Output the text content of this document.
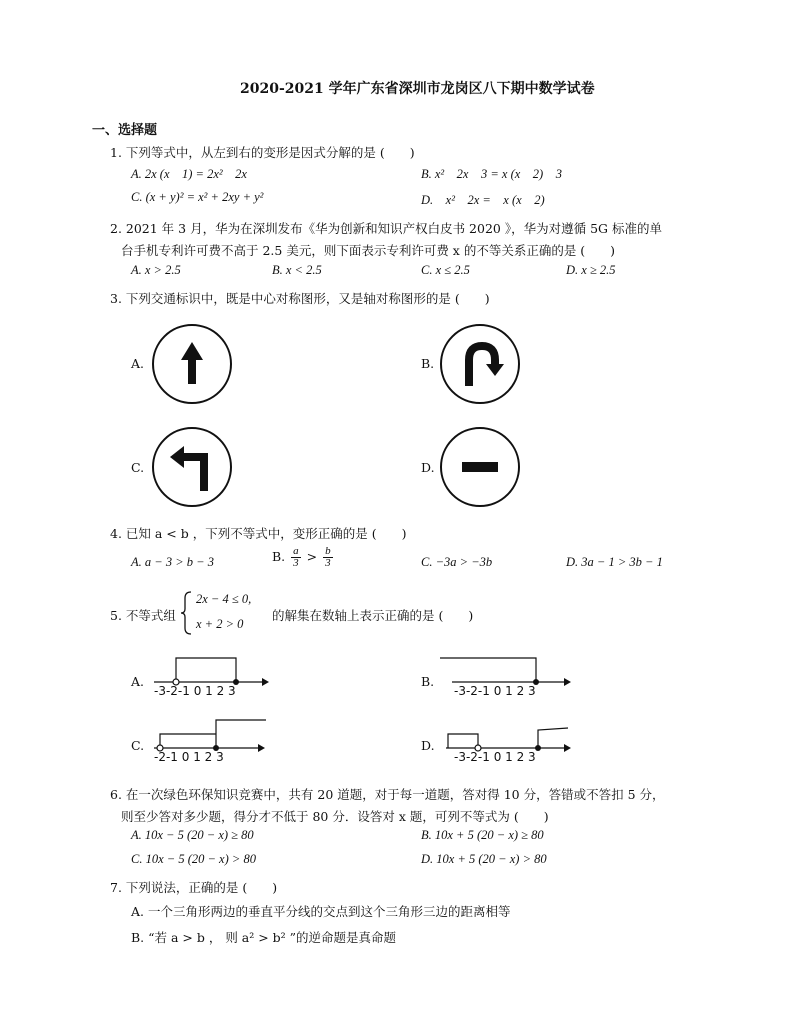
2020-2021 学年广东省深圳市龙岗区八下期中数学试卷
一、选择题
1. 下列等式中，从左到右的变形是因式分解的是 (　　)
A. 2x (x　1) = 2x²　2x	B. x²　2x　3 = x (x　2)　3
C. (x + y)² = x² + 2xy + y²	D.　x²　2x =　x (x　2)
2. 2021 年 3 月，华为在深圳发布《华为创新和知识产权白皮书 2020 》，华为对遵循 5G 标准的单
台手机专利许可费不高于 2.5 美元，则下面表示专利许可费 x 的不等关系正确的是 (　　)
A. x > 2.5	B. x < 2.5	C. x ≤ 2.5	D. x ≥ 2.5
3. 下列交通标识中，既是中心对称图形，又是轴对称图形的是 (　　)
A.	B.
C.	D.
4. 已知 a < b ，下列不等式中，变形正确的是 (　　)
A. a − 3 > b − 3	B. $\frac{a}{3} > \frac{b}{3}$	C. −3a > −3b	D. 3a − 1 > 3b − 1
5. 不等式组
2x − 4 ≤ 0,
x + 2 > 0
的解集在数轴上表示正确的是 (　　)
A.
-3-2-1 0 1 2 3
B.
-3-2-1 0 1 2 3
C.
-2-1 0 1 2 3
D.
-3-2-1 0 1 2 3
6. 在一次绿色环保知识竞赛中，共有 20 道题，对于每一道题，答对得 10 分，答错或不答扣 5 分，
则至少答对多少题，得分才不低于 80 分．设答对 x 题，可列不等式为 (　　)
A. 10x − 5 (20 − x) ≥ 80	B. 10x + 5 (20 − x) ≥ 80
C. 10x − 5 (20 − x) > 80	D. 10x + 5 (20 − x) > 80
7. 下列说法，正确的是 (　　)
A. 一个三角形两边的垂直平分线的交点到这个三角形三边的距离相等
B. “若 a > b ， 则 a² > b² ”的逆命题是真命题
